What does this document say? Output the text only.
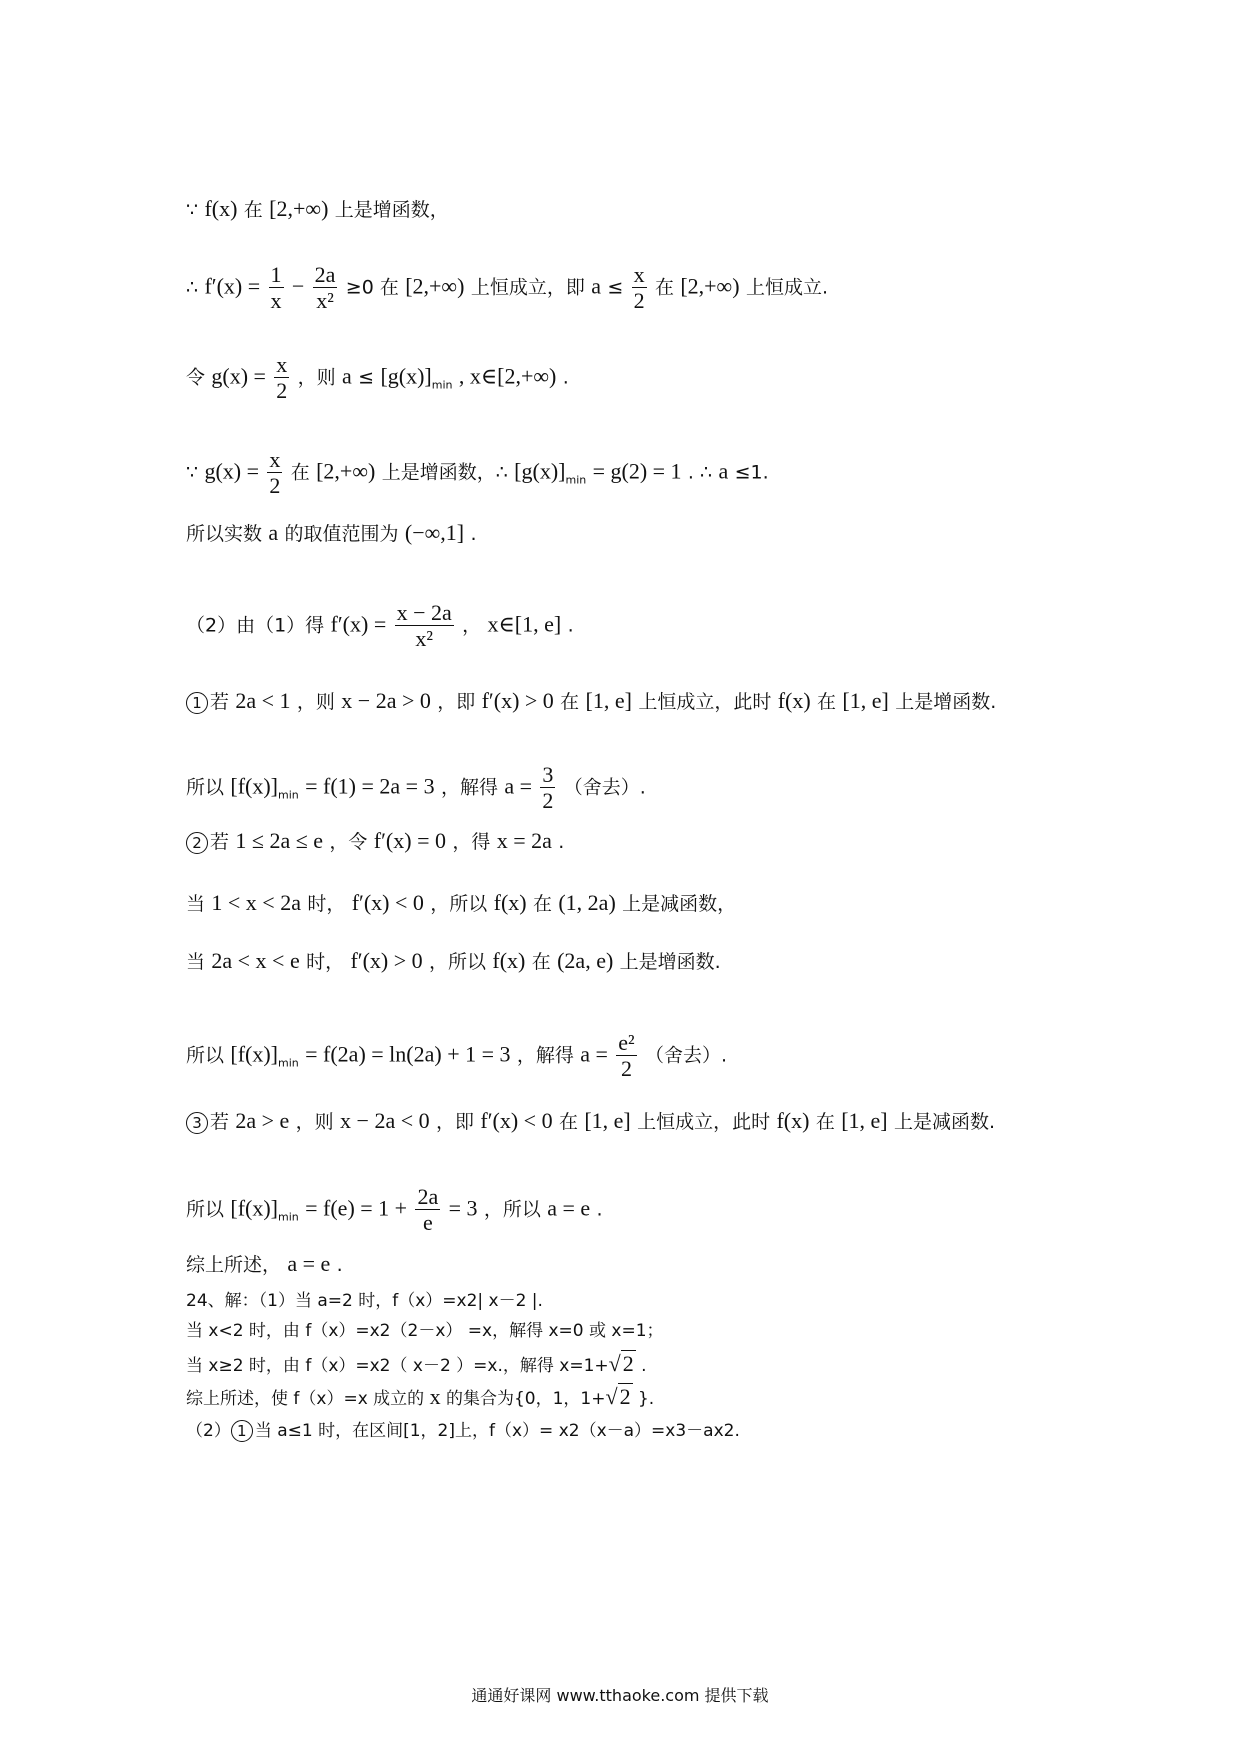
∵ f(x) 在 [2,+∞) 上是增函数，
∴ $f'(x) = \frac{1}{x} - \frac{2a}{\text{x²}} \ge 0$ 在 [2,+∞) 上恒成立，即 $a \le \frac{x}{2}$ 在 [2,+∞) 上恒成立.
令 $g(x) = \frac{x}{2}$ ，则 $a \le [g(x)]_{min}$ , x∈[2,+∞) .
∵ $g(x) = \frac{x}{2}$ 在 [2,+∞) 上是增函数，∴ $[g(x)]_{min} = g(2) = 1$ . ∴ a ≤1.
所以实数 a 的取值范围为 (−∞,1] .
（2）由（1）得 $f'(x) = \frac{x - 2a}{\text{x²}}$ ， x∈[1, e] .
1 若 2a < 1 ，则 x − 2a > 0 ，即 f′(x) > 0 在 [1, e] 上恒成立，此时 f(x) 在 [1, e] 上是增函数.
所以 $[f(x)]_{min} = f(1) = 2a = 3$ ，解得 $a = \frac{3}{2}$ （舍去）.
2 若 1 ≤ 2a ≤ e ，令 f′(x) = 0 ，得 x = 2a .
当 1 < x < 2a 时， f′(x) < 0 ，所以 f(x) 在 (1, 2a) 上是减函数，
当 2a < x < e 时， f′(x) > 0 ，所以 f(x) 在 (2a, e) 上是增函数.
所以 $[f(x)]_{min} = f(2a) = \ln(2a) + 1 = 3$ ，解得 $a = \frac{\text{e²}}{2}$ （舍去）.
3 若 2a > e ，则 x − 2a < 0 ，即 f′(x) < 0 在 [1, e] 上恒成立，此时 f(x) 在 [1, e] 上是减函数.
所以 $[f(x)]_{min} = f(e) = 1 + \frac{2a}{e} = 3$ ，所以 a = e .
综上所述， a = e .
24、解：（1）当 a=2 时，f（x）=x2| x－2 |.
当 x<2 时，由 f（x）=x2（2－x） =x，解得 x=0 或 x=1；
当 x≥2 时，由 f（x）=x2（ x－2 ）=x.，解得 x=1+√2 .
综上所述，使 f（x）=x 成立的 x 的集合为{0，1，1+√2 }.
（2） 1 当 a≤1 时，在区间[1，2]上，f（x）= x2（x－a）=x3－ax2.
通通好课网 www.tthaoke.com 提供下载
